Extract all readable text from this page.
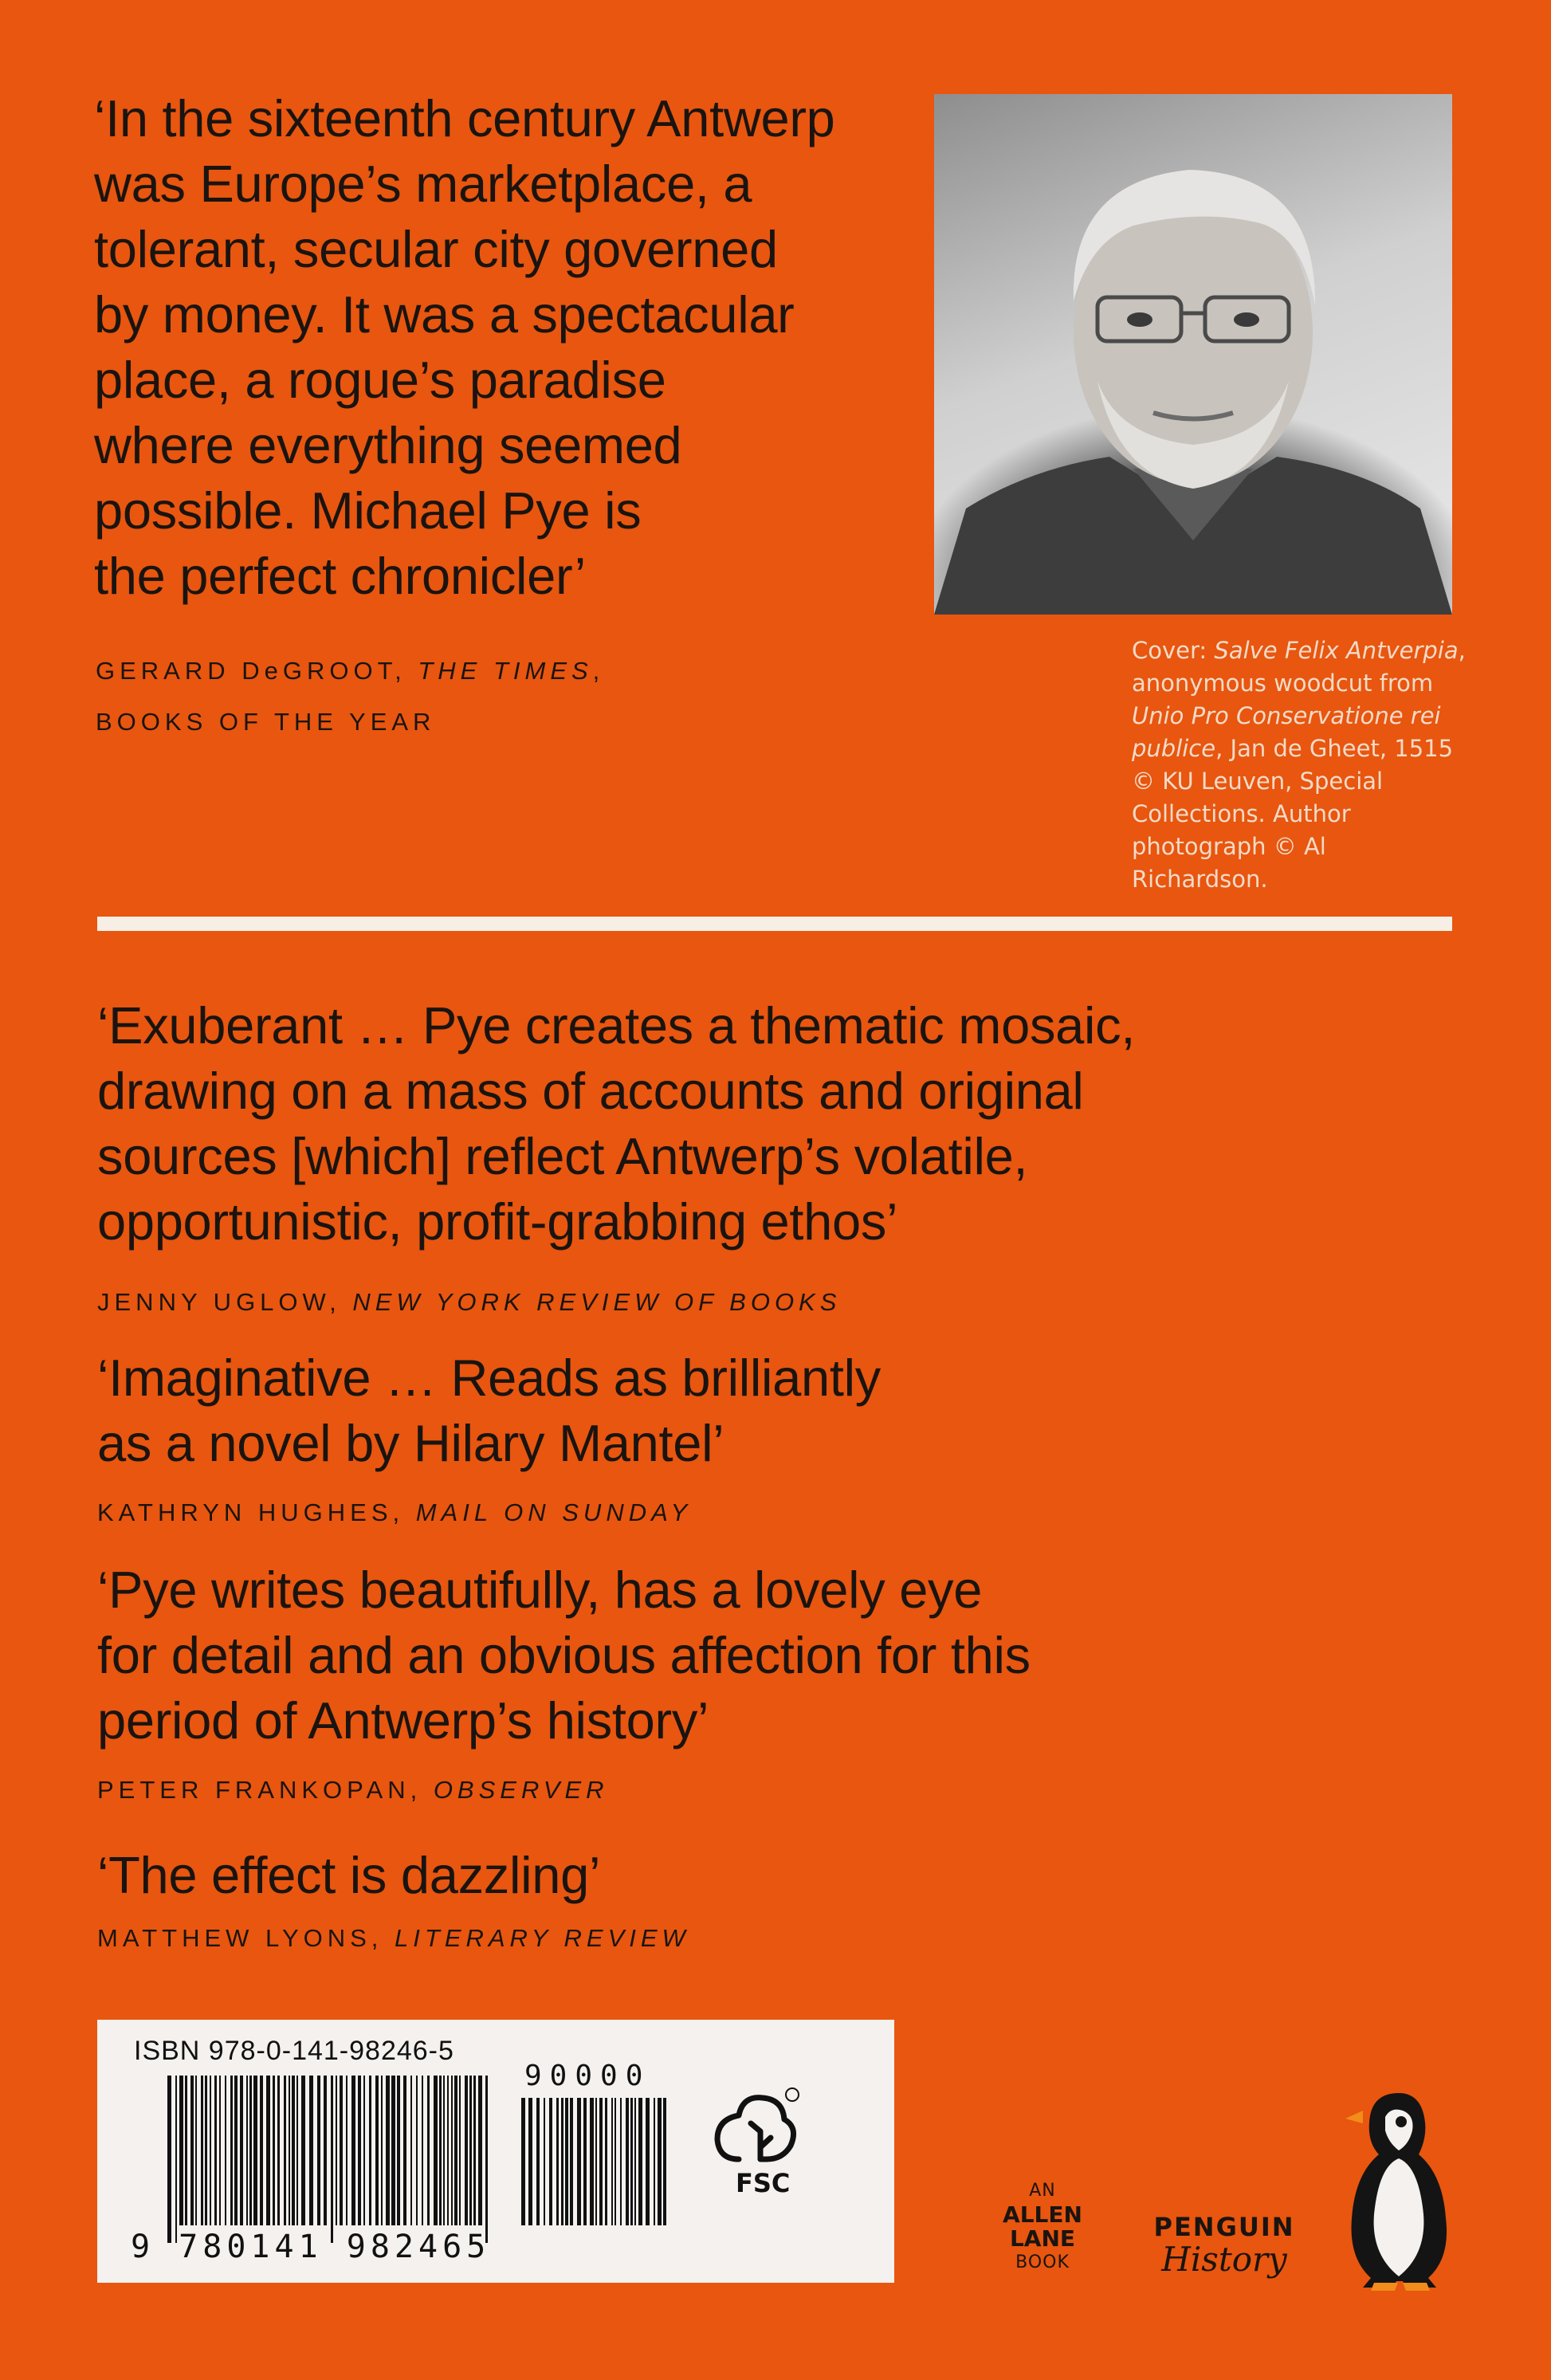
‘In the sixteenth century Antwerp
was Europe’s marketplace, a
tolerant, secular city governed
by money. It was a spectacular
place, a rogue’s paradise
where everything seemed
possible. Michael Pye is
the perfect chronicler’

GERARD DeGROOT, THE TIMES,

BOOKS OF THE YEAR

Cover: Salve Felix Antverpia, anonymous woodcut from Unio Pro Conservatione rei publice, Jan de Gheet, 1515 © KU Leuven, Special Collections. Author photograph © Al Richardson.

‘Exuberant … Pye creates a thematic mosaic,
drawing on a mass of accounts and original
sources [which] reflect Antwerp’s volatile,
opportunistic, profit-grabbing ethos’

JENNY UGLOW, NEW YORK REVIEW OF BOOKS

‘Imaginative … Reads as brilliantly
as a novel by Hilary Mantel’

KATHRYN HUGHES, MAIL ON SUNDAY

‘Pye writes beautifully, has a lovely eye
for detail and an obvious affection for this
period of Antwerp’s history’

PETER FRANKOPAN, OBSERVER

‘The effect is dazzling’

MATTHEW LYONS, LITERARY REVIEW

ISBN 978-0-141-98246-5
90000
9 780141 982465
FSC	AN
ALLEN
LANE
BOOK
PENGUIN
History
